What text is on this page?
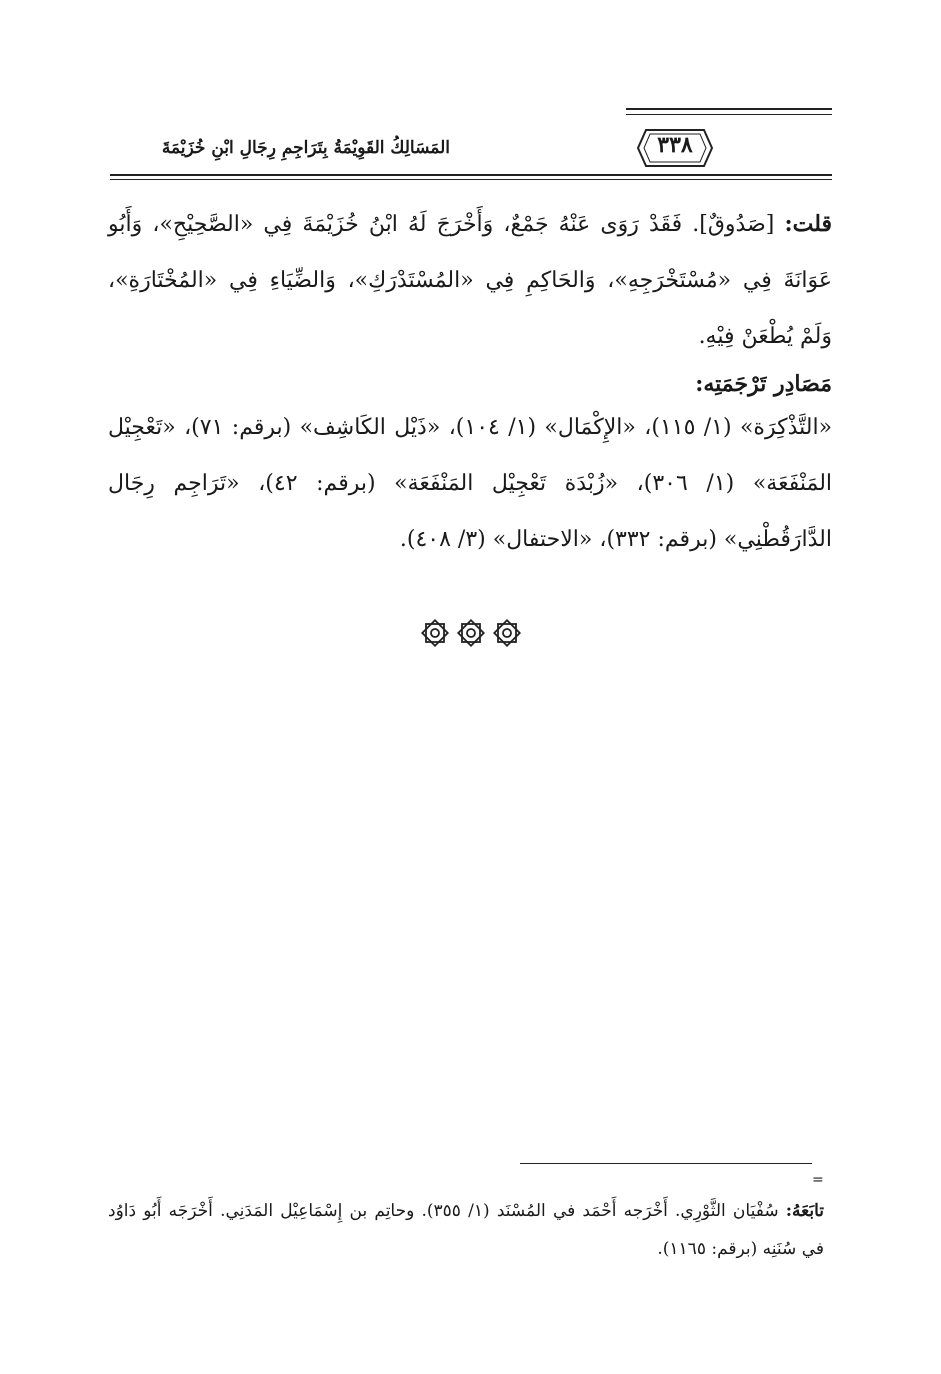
٣٣٨
المَسَالِكُ القَوِيْمَةُ بِتَرَاجِمِ رِجَالِ ابْنِ خُزَيْمَةَ
قلت: [صَدُوقٌ]. فَقَدْ رَوَى عَنْهُ جَمْعٌ، وَأَخْرَجَ لَهُ ابْنُ خُزَيْمَةَ فِي «الصَّحِيْحِ»، وَأَبُو عَوَانَةَ فِي «مُسْتَخْرَجِهِ»، وَالحَاكِمِ فِي «المُسْتَدْرَكِ»، وَالضِّيَاءِ فِي «المُخْتَارَةِ»، وَلَمْ يُطْعَنْ فِيْهِ.
مَصَادِر تَرْجَمَتِه:
«التَّذْكِرَة» (١/ ١١٥)، «الإِكْمَال» (١/ ١٠٤)، «ذَيْل الكَاشِف» (برقم: ٧١)، «تَعْجِيْل المَنْفَعَة» (١/ ٣٠٦)، «زُبْدَة تَعْجِيْل المَنْفَعَة» (برقم: ٤٢)، «تَرَاجِم رِجَال الدَّارَقُطْنِي» (برقم: ٣٣٢)، «الاحتفال» (٣/ ٤٠٨).
=
تابَعَهُ: سُفْيَان الثَّوْرِي. أَخْرَجه أَحْمَد في المُسْنَد (١/ ٣٥٥). وحاتِم بن إِسْمَاعِيْل المَدَنِي. أَخْرَجَه أَبُو دَاوُد في سُنَنِه (برقم: ١١٦٥).
